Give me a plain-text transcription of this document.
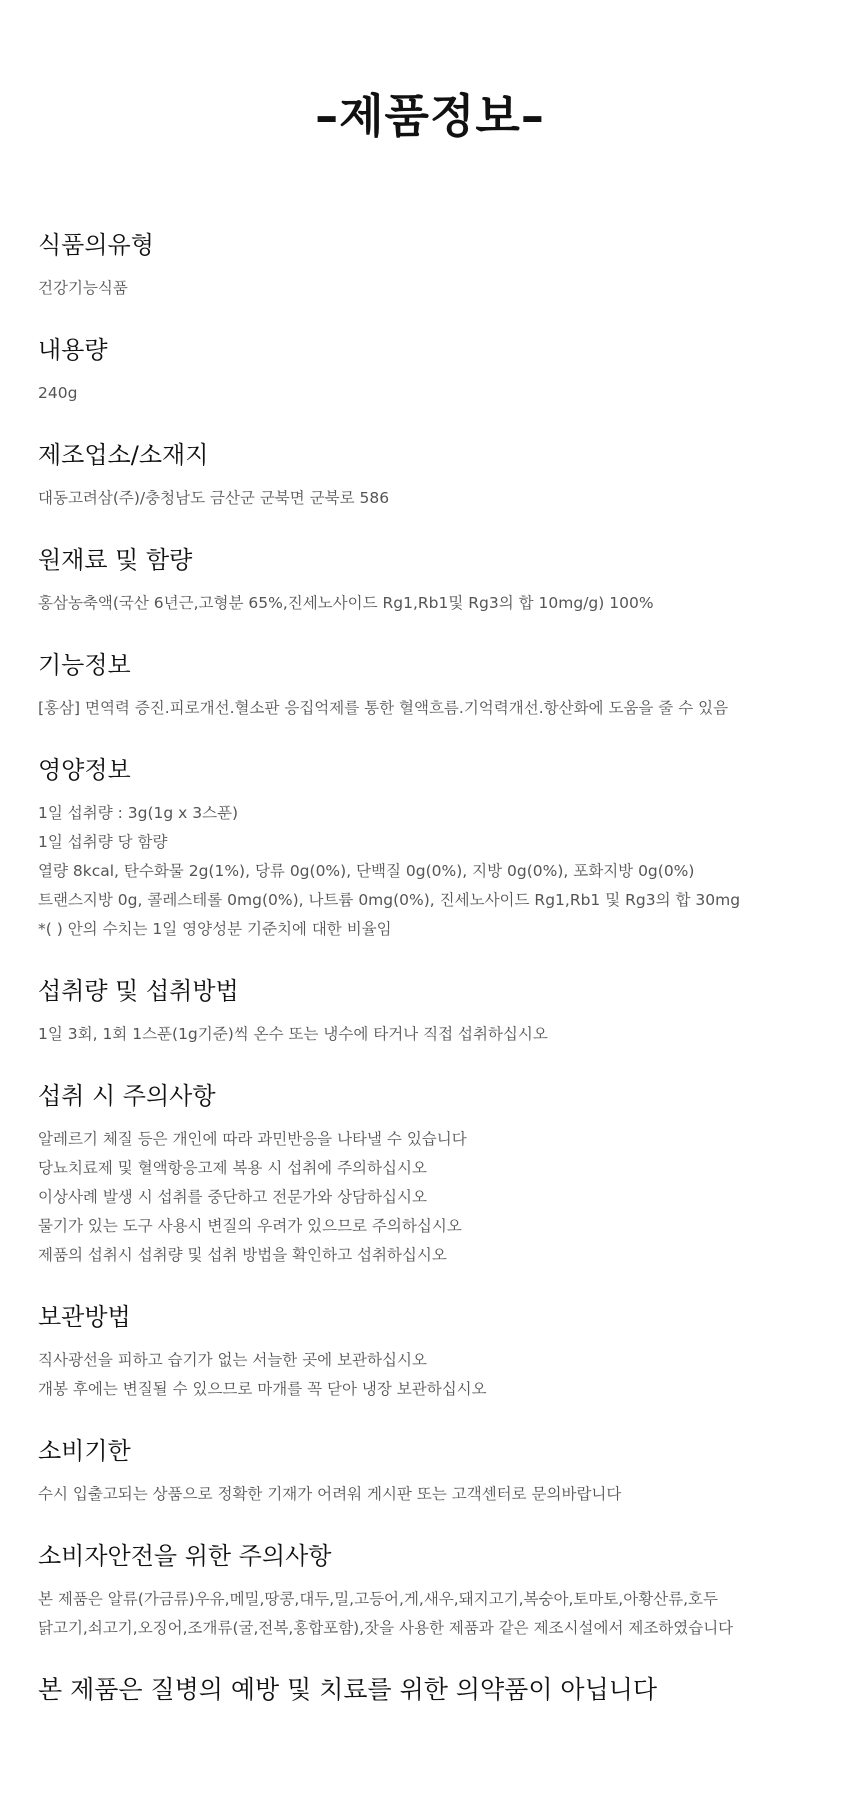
–제품정보–
식품의유형

건강기능식품

내용량

240g

제조업소/소재지

대동고려삼(주)/충청남도 금산군 군북면 군북로 586

원재료 및 함량

홍삼농축액(국산 6년근,고형분 65%,진세노사이드 Rg1,Rb1및 Rg3의 합 10mg/g) 100%

기능정보

[홍삼] 면역력 증진.피로개선.혈소판 응집억제를 통한 혈액흐름.기억력개선.항산화에 도움을 줄 수 있음

영양정보

1일 섭취량 : 3g(1g x 3스푼)

1일 섭취량 당 함량

열량 8kcal, 탄수화물 2g(1%), 당류 0g(0%), 단백질 0g(0%), 지방 0g(0%), 포화지방 0g(0%)

트랜스지방 0g, 콜레스테롤 0mg(0%), 나트륨 0mg(0%), 진세노사이드 Rg1,Rb1 및 Rg3의 합 30mg

*( ) 안의 수치는 1일 영양성분 기준치에 대한 비율임

섭취량 및 섭취방법

1일 3회, 1회 1스푼(1g기준)씩 온수 또는 냉수에 타거나 직접 섭취하십시오

섭취 시 주의사항

알레르기 체질 등은 개인에 따라 과민반응을 나타낼 수 있습니다

당뇨치료제 및 혈액항응고제 복용 시 섭취에 주의하십시오

이상사례 발생 시 섭취를 중단하고 전문가와 상담하십시오

물기가 있는 도구 사용시 변질의 우려가 있으므로 주의하십시오

제품의 섭취시 섭취량 및 섭취 방법을 확인하고 섭취하십시오

보관방법

직사광선을 피하고 습기가 없는 서늘한 곳에 보관하십시오

개봉 후에는 변질될 수 있으므로 마개를 꼭 닫아 냉장 보관하십시오

소비기한

수시 입출고되는 상품으로 정확한 기재가 어려워 게시판 또는 고객센터로 문의바랍니다

소비자안전을 위한 주의사항

본 제품은 알류(가금류)우유,메밀,땅콩,대두,밀,고등어,게,새우,돼지고기,복숭아,토마토,아황산류,호두

닭고기,쇠고기,오징어,조개류(굴,전복,홍합포함),잣을 사용한 제품과 같은 제조시설에서 제조하였습니다

본 제품은 질병의 예방 및 치료를 위한 의약품이 아닙니다
